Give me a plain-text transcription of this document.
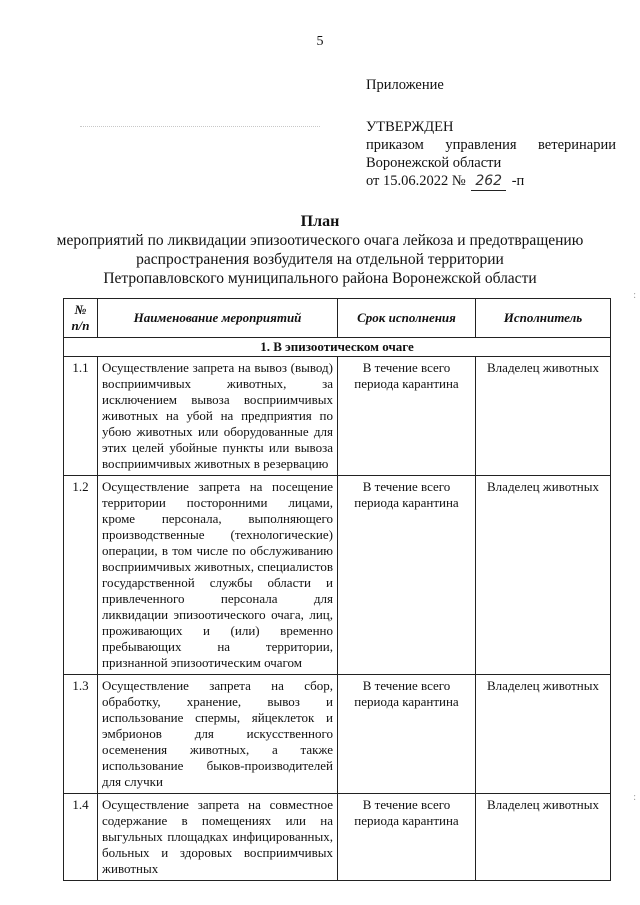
5
:
:
Приложение
УТВЕРЖДЕН
приказом управления ветеринарии
Воронежской области
от 15.06.2022 № 262 -п
План
мероприятий по ликвидации эпизоотического очага лейкоза и предотвращению
распространения возбудителя на отдельной территории
Петропавловского муниципального района Воронежской области
№ п/п	Наименование мероприятий	Срок исполнения	Исполнитель
1. В эпизоотическом очаге			
1.1	Осуществление запрета на вывоз (вывод) восприимчивых животных, за исключением вывоза восприимчивых животных на убой на предприятия по убою животных или оборудованные для этих целей убойные пункты или вывоза восприимчивых животных в резервацию	В течение всего периода карантина	Владелец животных
1.2	Осуществление запрета на посещение территории посторонними лицами, кроме персонала, выполняющего производственные (технологические) операции, в том числе по обслуживанию восприимчивых животных, специалистов государственной службы области и привлеченного персонала для ликвидации эпизоотического очага, лиц, проживающих и (или) временно пребывающих на территории, признанной эпизоотическим очагом	В течение всего периода карантина	Владелец животных
1.3	Осуществление запрета на сбор, обработку, хранение, вывоз и использование спермы, яйцеклеток и эмбрионов для искусственного осеменения животных, а также использование быков-производителей для случки	В течение всего периода карантина	Владелец животных
1.4	Осуществление запрета на совместное содержание в помещениях или на выгульных площадках инфицированных, больных и здоровых восприимчивых животных	В течение всего периода карантина	Владелец животных
